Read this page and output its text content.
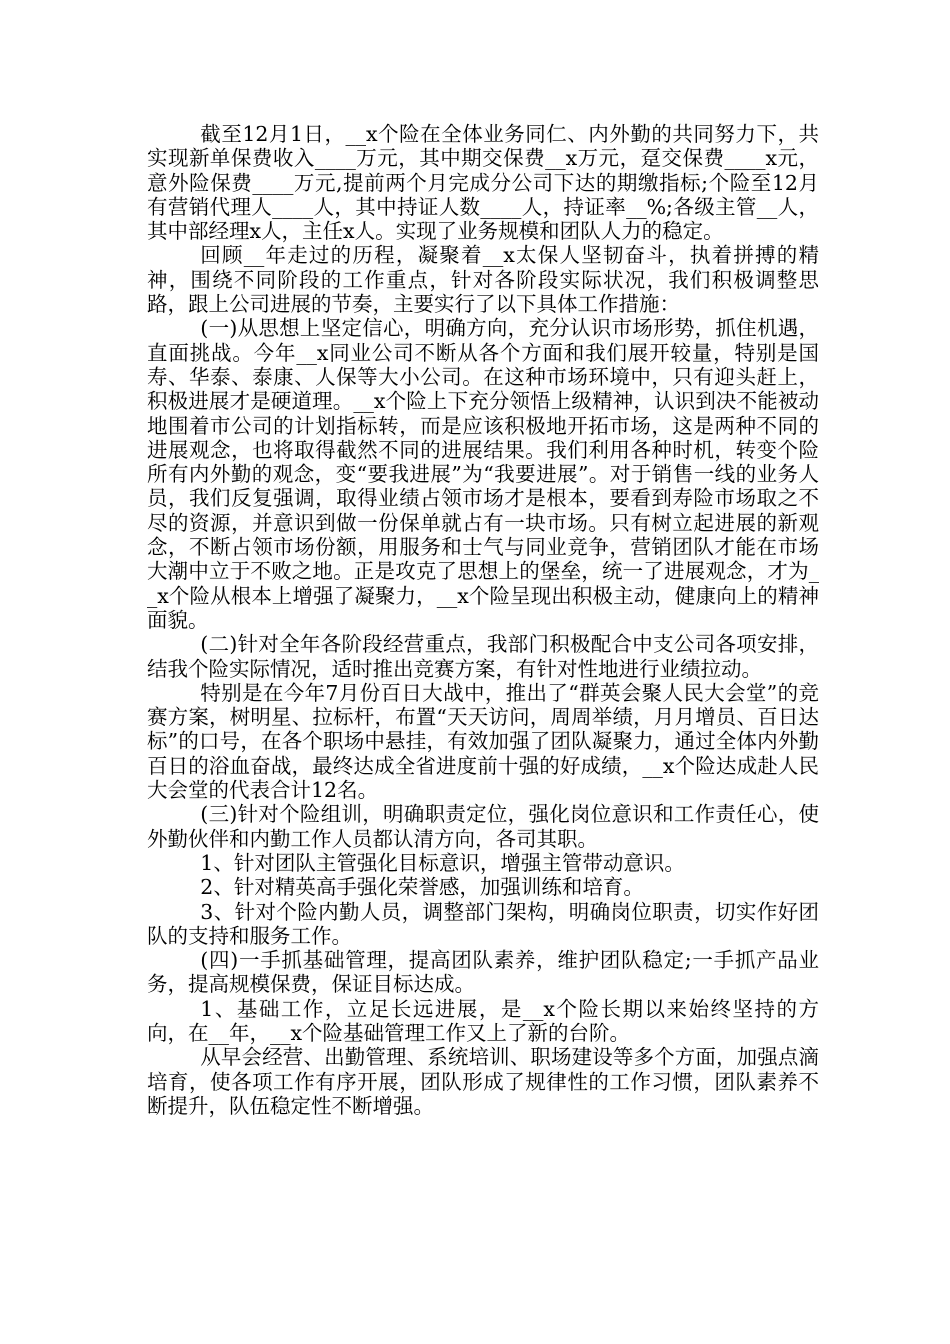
截至12月1日，__x个险在全体业务同仁、内外勤的共同努力下，共实现新单保费收入____万元，其中期交保费__x万元，趸交保费____x元，意外险保费____万元,提前两个月完成分公司下达的期缴指标;个险至12月有营销代理人____人，其中持证人数____人，持证率__%;各级主管__人，其中部经理x人，主任x人。实现了业务规模和团队人力的稳定。

回顾__年走过的历程，凝聚着__x太保人坚韧奋斗，执着拼搏的精神，围绕不同阶段的工作重点，针对各阶段实际状况，我们积极调整思路，跟上公司进展的节奏，主要实行了以下具体工作措施：

(一)从思想上坚定信心，明确方向，充分认识市场形势，抓住机遇，直面挑战。今年__x同业公司不断从各个方面和我们展开较量，特别是国寿、华泰、泰康、人保等大小公司。在这种市场环境中，只有迎头赶上，积极进展才是硬道理。__x个险上下充分领悟上级精神，认识到决不能被动地围着市公司的计划指标转，而是应该积极地开拓市场，这是两种不同的进展观念，也将取得截然不同的进展结果。我们利用各种时机，转变个险所有内外勤的观念，变“要我进展”为“我要进展”。对于销售一线的业务人员，我们反复强调，取得业绩占领市场才是根本，要看到寿险市场取之不尽的资源，并意识到做一份保单就占有一块市场。只有树立起进展的新观念，不断占领市场份额，用服务和士气与同业竞争，营销团队才能在市场大潮中立于不败之地。正是攻克了思想上的堡垒，统一了进展观念，才为__x个险从根本上增强了凝聚力，__x个险呈现出积极主动，健康向上的精神面貌。

(二)针对全年各阶段经营重点，我部门积极配合中支公司各项安排，结我个险实际情况，适时推出竞赛方案，有针对性地进行业绩拉动。

特别是在今年7月份百日大战中，推出了“群英会聚人民大会堂”的竞赛方案，树明星、拉标杆，布置“天天访问，周周举绩，月月增员、百日达标”的口号，在各个职场中悬挂，有效加强了团队凝聚力，通过全体内外勤百日的浴血奋战，最终达成全省进度前十强的好成绩，__x个险达成赴人民大会堂的代表合计12名。

(三)针对个险组训，明确职责定位，强化岗位意识和工作责任心，使外勤伙伴和内勤工作人员都认清方向，各司其职。

1、针对团队主管强化目标意识，增强主管带动意识。

2、针对精英高手强化荣誉感，加强训练和培育。

3、针对个险内勤人员，调整部门架构，明确岗位职责，切实作好团队的支持和服务工作。

(四)一手抓基础管理，提高团队素养，维护团队稳定;一手抓产品业务，提高规模保费，保证目标达成。

1、基础工作，立足长远进展，是__x个险长期以来始终坚持的方向，在__年，__x个险基础管理工作又上了新的台阶。

从早会经营、出勤管理、系统培训、职场建设等多个方面，加强点滴培育，使各项工作有序开展，团队形成了规律性的工作习惯，团队素养不断提升，队伍稳定性不断增强。
